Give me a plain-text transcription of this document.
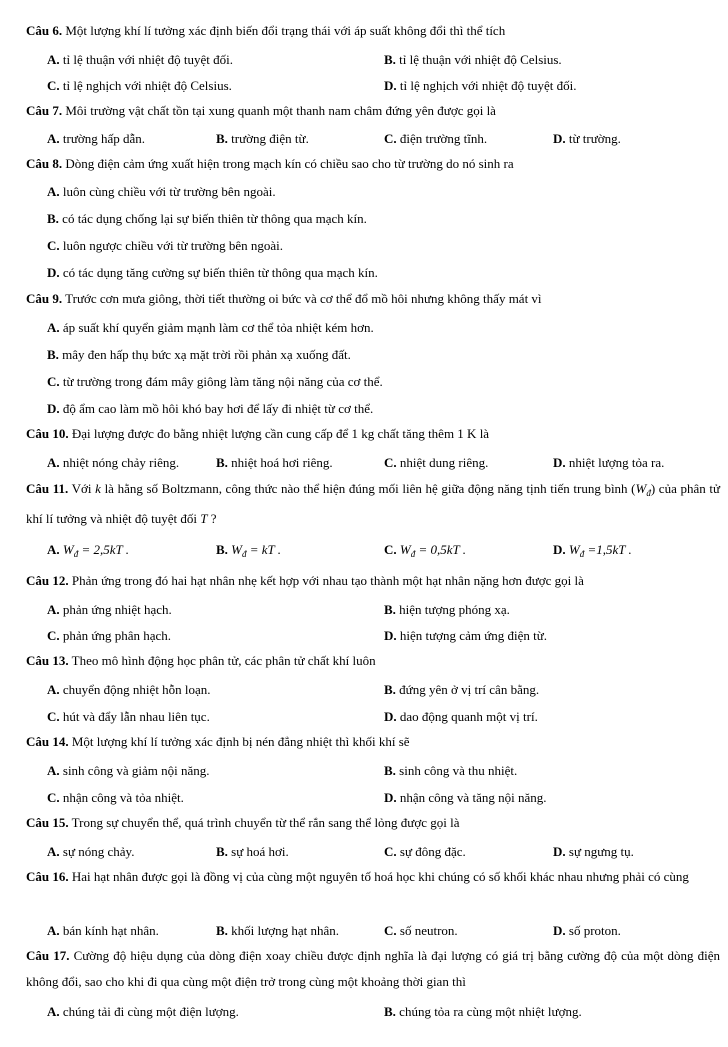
Câu 6. Một lượng khí lí tưởng xác định biến đổi trạng thái với áp suất không đổi thì thể tích
A. tỉ lệ thuận với nhiệt độ tuyệt đối.	B. tỉ lệ thuận với nhiệt độ Celsius.
C. tỉ lệ nghịch với nhiệt độ Celsius.	D. tỉ lệ nghịch với nhiệt độ tuyệt đối.
Câu 7. Môi trường vật chất tồn tại xung quanh một thanh nam châm đứng yên được gọi là
A. trường hấp dẫn.	B. trường điện từ.	C. điện trường tĩnh.	D. từ trường.
Câu 8. Dòng điện cảm ứng xuất hiện trong mạch kín có chiều sao cho từ trường do nó sinh ra
A. luôn cùng chiều với từ trường bên ngoài.
B. có tác dụng chống lại sự biến thiên từ thông qua mạch kín.
C. luôn ngược chiều với từ trường bên ngoài.
D. có tác dụng tăng cường sự biến thiên từ thông qua mạch kín.
Câu 9. Trước cơn mưa giông, thời tiết thường oi bức và cơ thể đổ mồ hôi nhưng không thấy mát vì
A. áp suất khí quyển giảm mạnh làm cơ thể tỏa nhiệt kém hơn.
B. mây đen hấp thụ bức xạ mặt trời rồi phản xạ xuống đất.
C. từ trường trong đám mây giông làm tăng nội năng của cơ thể.
D. độ ẩm cao làm mồ hôi khó bay hơi để lấy đi nhiệt từ cơ thể.
Câu 10. Đại lượng được đo bằng nhiệt lượng cần cung cấp để 1 kg chất tăng thêm 1 K là
A. nhiệt nóng chảy riêng.	B. nhiệt hoá hơi riêng.	C. nhiệt dung riêng.	D. nhiệt lượng tỏa ra.
Câu 11. Với k là hằng số Boltzmann, công thức nào thể hiện đúng mối liên hệ giữa động năng tịnh tiến trung bình $(W_đ)$ của phân tử khí lí tưởng và nhiệt độ tuyệt đối T ?
A. $W_đ = 2,5kT$ .	B. $W_đ$ = kT .	C. $W_đ = 0,5kT$ .	D. $W_đ =1,5kT$ .
Câu 12. Phản ứng trong đó hai hạt nhân nhẹ kết hợp với nhau tạo thành một hạt nhân nặng hơn được gọi là
A. phản ứng nhiệt hạch.	B. hiện tượng phóng xạ.
C. phản ứng phân hạch.	D. hiện tượng cảm ứng điện từ.
Câu 13. Theo mô hình động học phân tử, các phân tử chất khí luôn
A. chuyển động nhiệt hỗn loạn.	B. đứng yên ở vị trí cân bằng.
C. hút và đẩy lẫn nhau liên tục.	D. dao động quanh một vị trí.
Câu 14. Một lượng khí lí tưởng xác định bị nén đẳng nhiệt thì khối khí sẽ
A. sinh công và giảm nội năng.	B. sinh công và thu nhiệt.
C. nhận công và tỏa nhiệt.	D. nhận công và tăng nội năng.
Câu 15. Trong sự chuyển thể, quá trình chuyển từ thể rắn sang thể lỏng được gọi là
A. sự nóng chảy.	B. sự hoá hơi.	C. sự đông đặc.	D. sự ngưng tụ.
Câu 16. Hai hạt nhân được gọi là đồng vị của cùng một nguyên tố hoá học khi chúng có số khối khác nhau nhưng phải có cùng
A. bán kính hạt nhân.	B. khối lượng hạt nhân.	C. số neutron.	D. số proton.
Câu 17. Cường độ hiệu dụng của dòng điện xoay chiều được định nghĩa là đại lượng có giá trị bằng cường độ của một dòng điện không đổi, sao cho khi đi qua cùng một điện trở trong cùng một khoảng thời gian thì
A. chúng tải đi cùng một điện lượng.	B. chúng tỏa ra cùng một nhiệt lượng.
